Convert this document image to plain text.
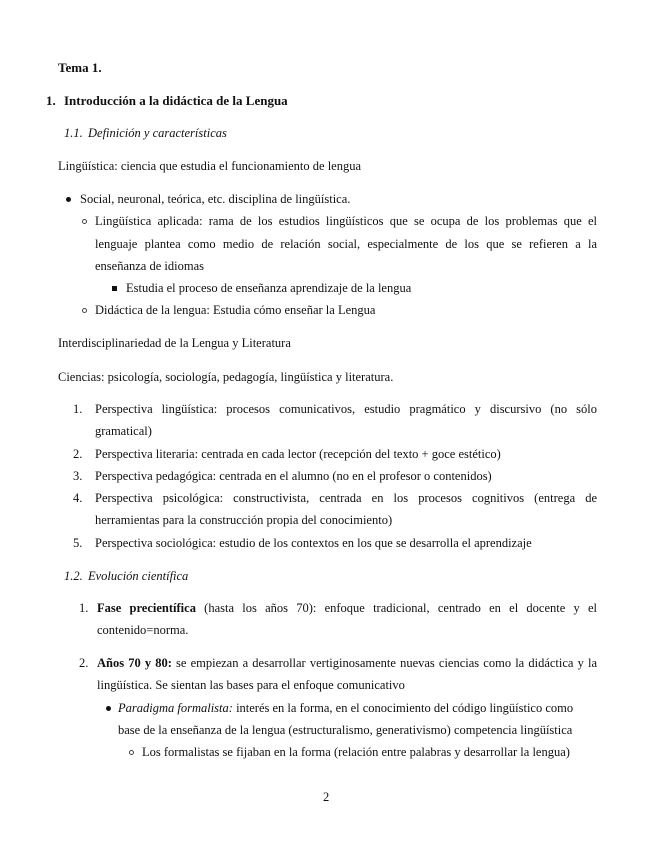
Tema 1.
1. Introducción a la didáctica de la Lengua
1.1. Definición y características
Lingüística: ciencia que estudia el funcionamiento de lengua
Social, neuronal, teórica, etc. disciplina de lingüística.
Lingüística aplicada: rama de los estudios lingüísticos que se ocupa de los problemas que el
lenguaje plantea como medio de relación social, especialmente de los que se refieren a la
enseñanza de idiomas
Estudia el proceso de enseñanza aprendizaje de la lengua
Didáctica de la lengua: Estudia cómo enseñar la Lengua
Interdisciplinariedad de la Lengua y Literatura
Ciencias: psicología, sociología, pedagogía, lingüística y literatura.
1. Perspectiva lingüística: procesos comunicativos, estudio pragmático y discursivo (no sólo
gramatical)
2. Perspectiva literaria: centrada en cada lector (recepción del texto + goce estético)
3. Perspectiva pedagógica: centrada en el alumno (no en el profesor o contenidos)
4. Perspectiva psicológica: constructivista, centrada en los procesos cognitivos (entrega de
herramientas para la construcción propia del conocimiento)
5. Perspectiva sociológica: estudio de los contextos en los que se desarrolla el aprendizaje
1.2. Evolución científica
1. Fase precientífica (hasta los años 70): enfoque tradicional, centrado en el docente y el
contenido=norma.
2. Años 70 y 80: se empiezan a desarrollar vertiginosamente nuevas ciencias como la didáctica y la
lingüística. Se sientan las bases para el enfoque comunicativo
Paradigma formalista: interés en la forma, en el conocimiento del código lingüístico como
base de la enseñanza de la lengua (estructuralismo, generativismo) competencia lingüística
Los formalistas se fijaban en la forma (relación entre palabras y desarrollar la lengua)
2
